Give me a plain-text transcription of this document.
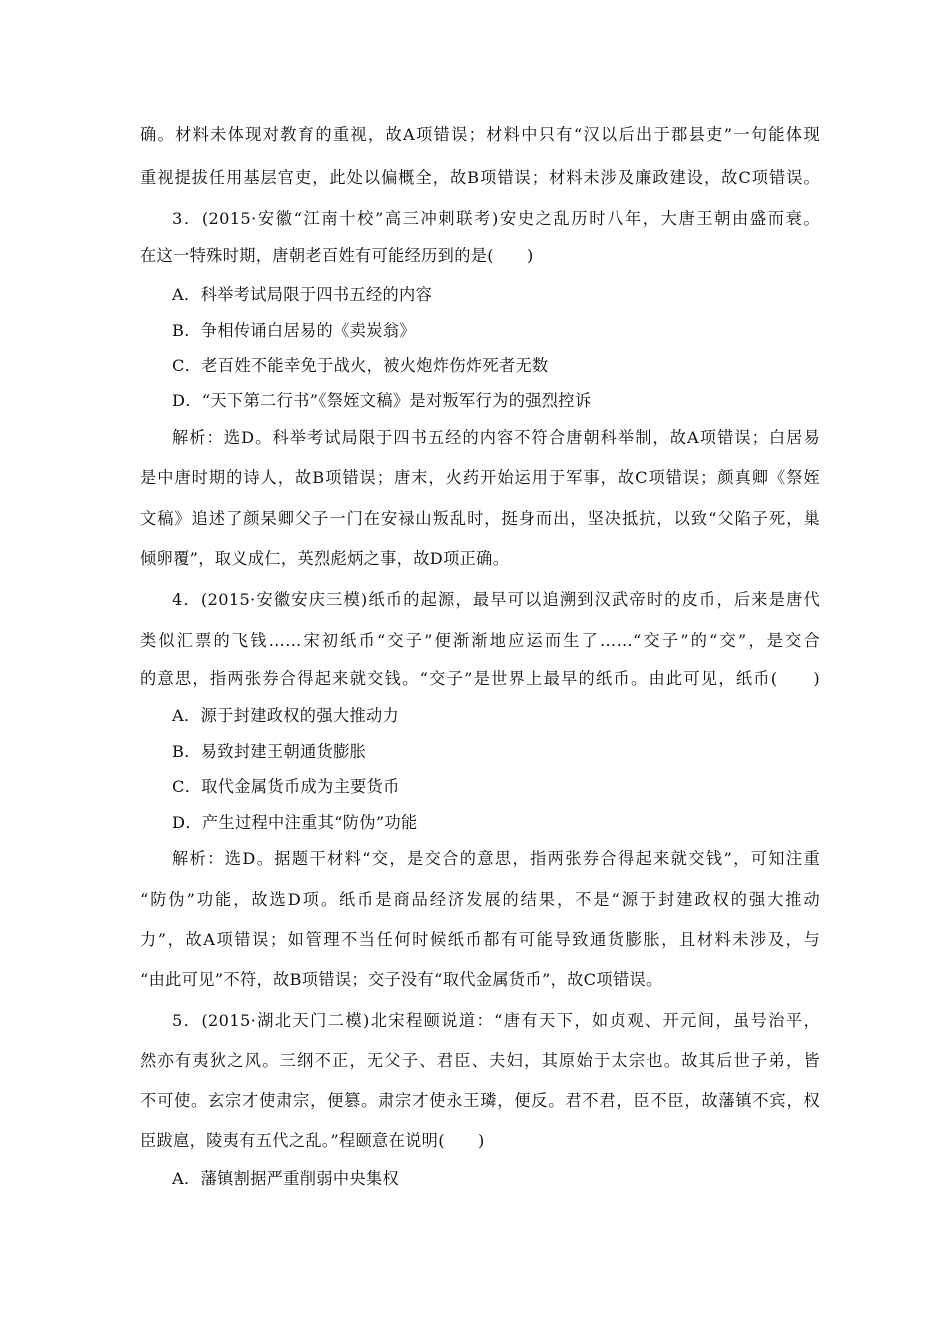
确。材料未体现对教育的重视，故A项错误；材料中只有“汉以后出于郡县吏”一句能体现
重视提拔任用基层官吏，此处以偏概全，故B项错误；材料未涉及廉政建设，故C项错误。
3．(2015·安徽“江南十校”高三冲刺联考)安史之乱历时八年，大唐王朝由盛而衰。
在这一特殊时期，唐朝老百姓有可能经历到的是(　　)
A．科举考试局限于四书五经的内容
B．争相传诵白居易的《卖炭翁》
C．老百姓不能幸免于战火，被火炮炸伤炸死者无数
D．“天下第二行书”《祭姪文稿》是对叛军行为的强烈控诉
解析：选D。科举考试局限于四书五经的内容不符合唐朝科举制，故A项错误；白居易
是中唐时期的诗人，故B项错误；唐末，火药开始运用于军事，故C项错误；颜真卿《祭姪
文稿》追述了颜杲卿父子一门在安禄山叛乱时，挺身而出，坚决抵抗，以致“父陷子死，巢
倾卵覆”，取义成仁，英烈彪炳之事，故D项正确。
4．(2015·安徽安庆三模)纸币的起源，最早可以追溯到汉武帝时的皮币，后来是唐代
类似汇票的飞钱……宋初纸币“交子”便渐渐地应运而生了……“交子”的“交”，是交合
的意思，指两张券合得起来就交钱。“交子”是世界上最早的纸币。由此可见，纸币(　　)
A．源于封建政权的强大推动力
B．易致封建王朝通货膨胀
C．取代金属货币成为主要货币
D．产生过程中注重其“防伪”功能
解析：选D。据题干材料“交，是交合的意思，指两张券合得起来就交钱”，可知注重
“防伪”功能，故选D项。纸币是商品经济发展的结果，不是“源于封建政权的强大推动
力”，故A项错误；如管理不当任何时候纸币都有可能导致通货膨胀，且材料未涉及，与
“由此可见”不符，故B项错误；交子没有“取代金属货币”，故C项错误。
5．(2015·湖北天门二模)北宋程颐说道：“唐有天下，如贞观、开元间，虽号治平，
然亦有夷狄之风。三纲不正，无父子、君臣、夫妇，其原始于太宗也。故其后世子弟，皆
不可使。玄宗才使肃宗，便篡。肃宗才使永王璘，便反。君不君，臣不臣，故藩镇不宾，权
臣跋扈，陵夷有五代之乱。”程颐意在说明(　　)
A．藩镇割据严重削弱中央集权
